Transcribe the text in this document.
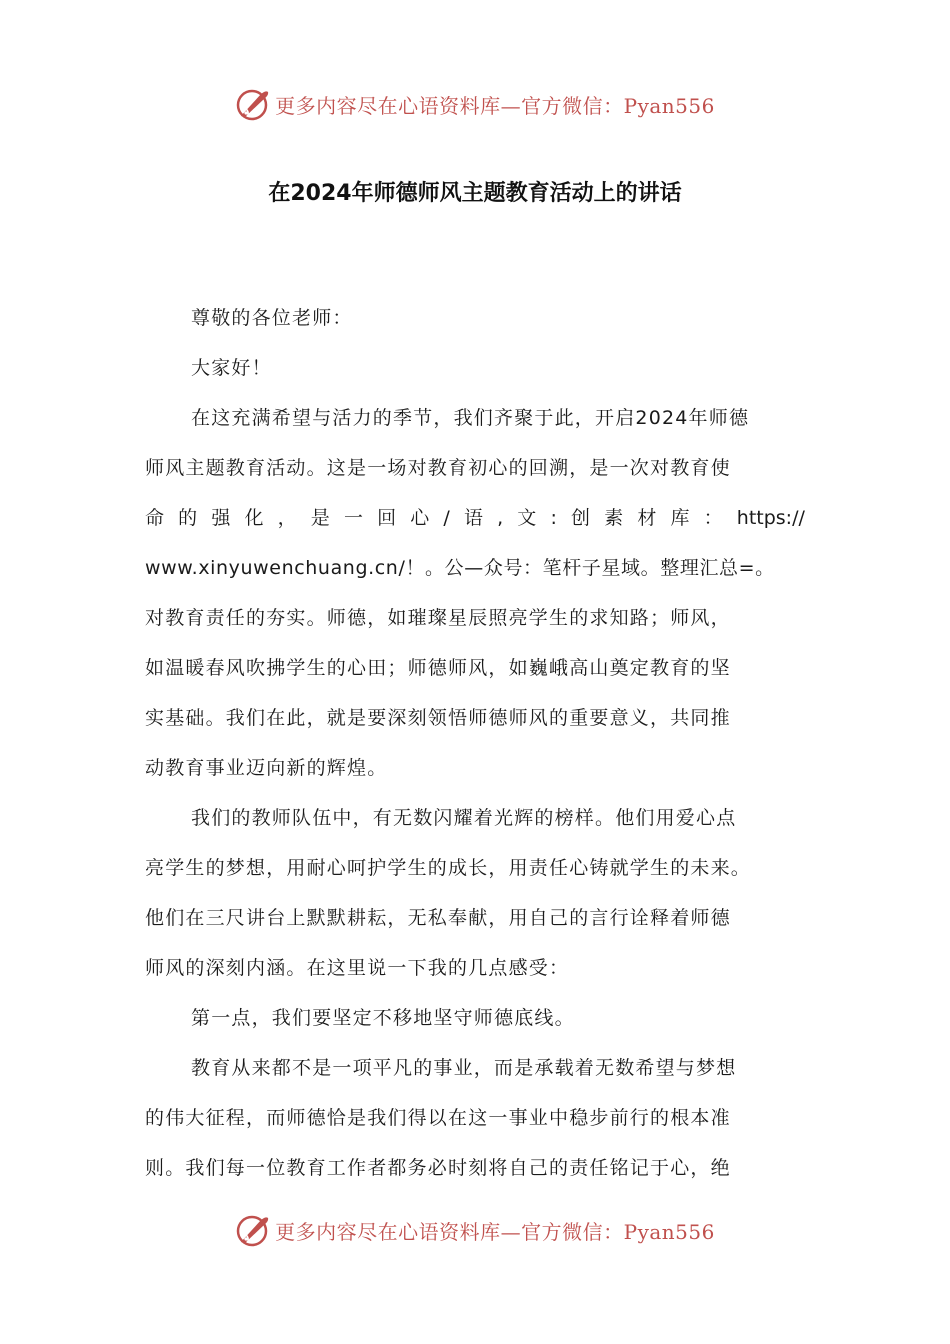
更多内容尽在心语资料库—官方微信：Pyan556
在2024年师德师风主题教育活动上的讲话
尊敬的各位老师：
大家好！
在这充满希望与活力的季节，我们齐聚于此，开启2024年师德
师风主题教育活动。这是一场对教育初心的回溯，是一次对教育使
命 的 强 化 ， 是 一 回 心 / 语 , 文 : 创 素 材 库 ： https://
www.xinyuwenchuang.cn/！。公—众号：笔杆子星域。整理汇总=。
对教育责任的夯实。师德，如璀璨星辰照亮学生的求知路；师风，
如温暖春风吹拂学生的心田；师德师风，如巍峨高山奠定教育的坚
实基础。我们在此，就是要深刻领悟师德师风的重要意义，共同推
动教育事业迈向新的辉煌。
我们的教师队伍中，有无数闪耀着光辉的榜样。他们用爱心点
亮学生的梦想，用耐心呵护学生的成长，用责任心铸就学生的未来。
他们在三尺讲台上默默耕耘，无私奉献，用自己的言行诠释着师德
师风的深刻内涵。在这里说一下我的几点感受：
第一点，我们要坚定不移地坚守师德底线。
教育从来都不是一项平凡的事业，而是承载着无数希望与梦想
的伟大征程，而师德恰是我们得以在这一事业中稳步前行的根本准
则。我们每一位教育工作者都务必时刻将自己的责任铭记于心，绝
更多内容尽在心语资料库—官方微信：Pyan556
